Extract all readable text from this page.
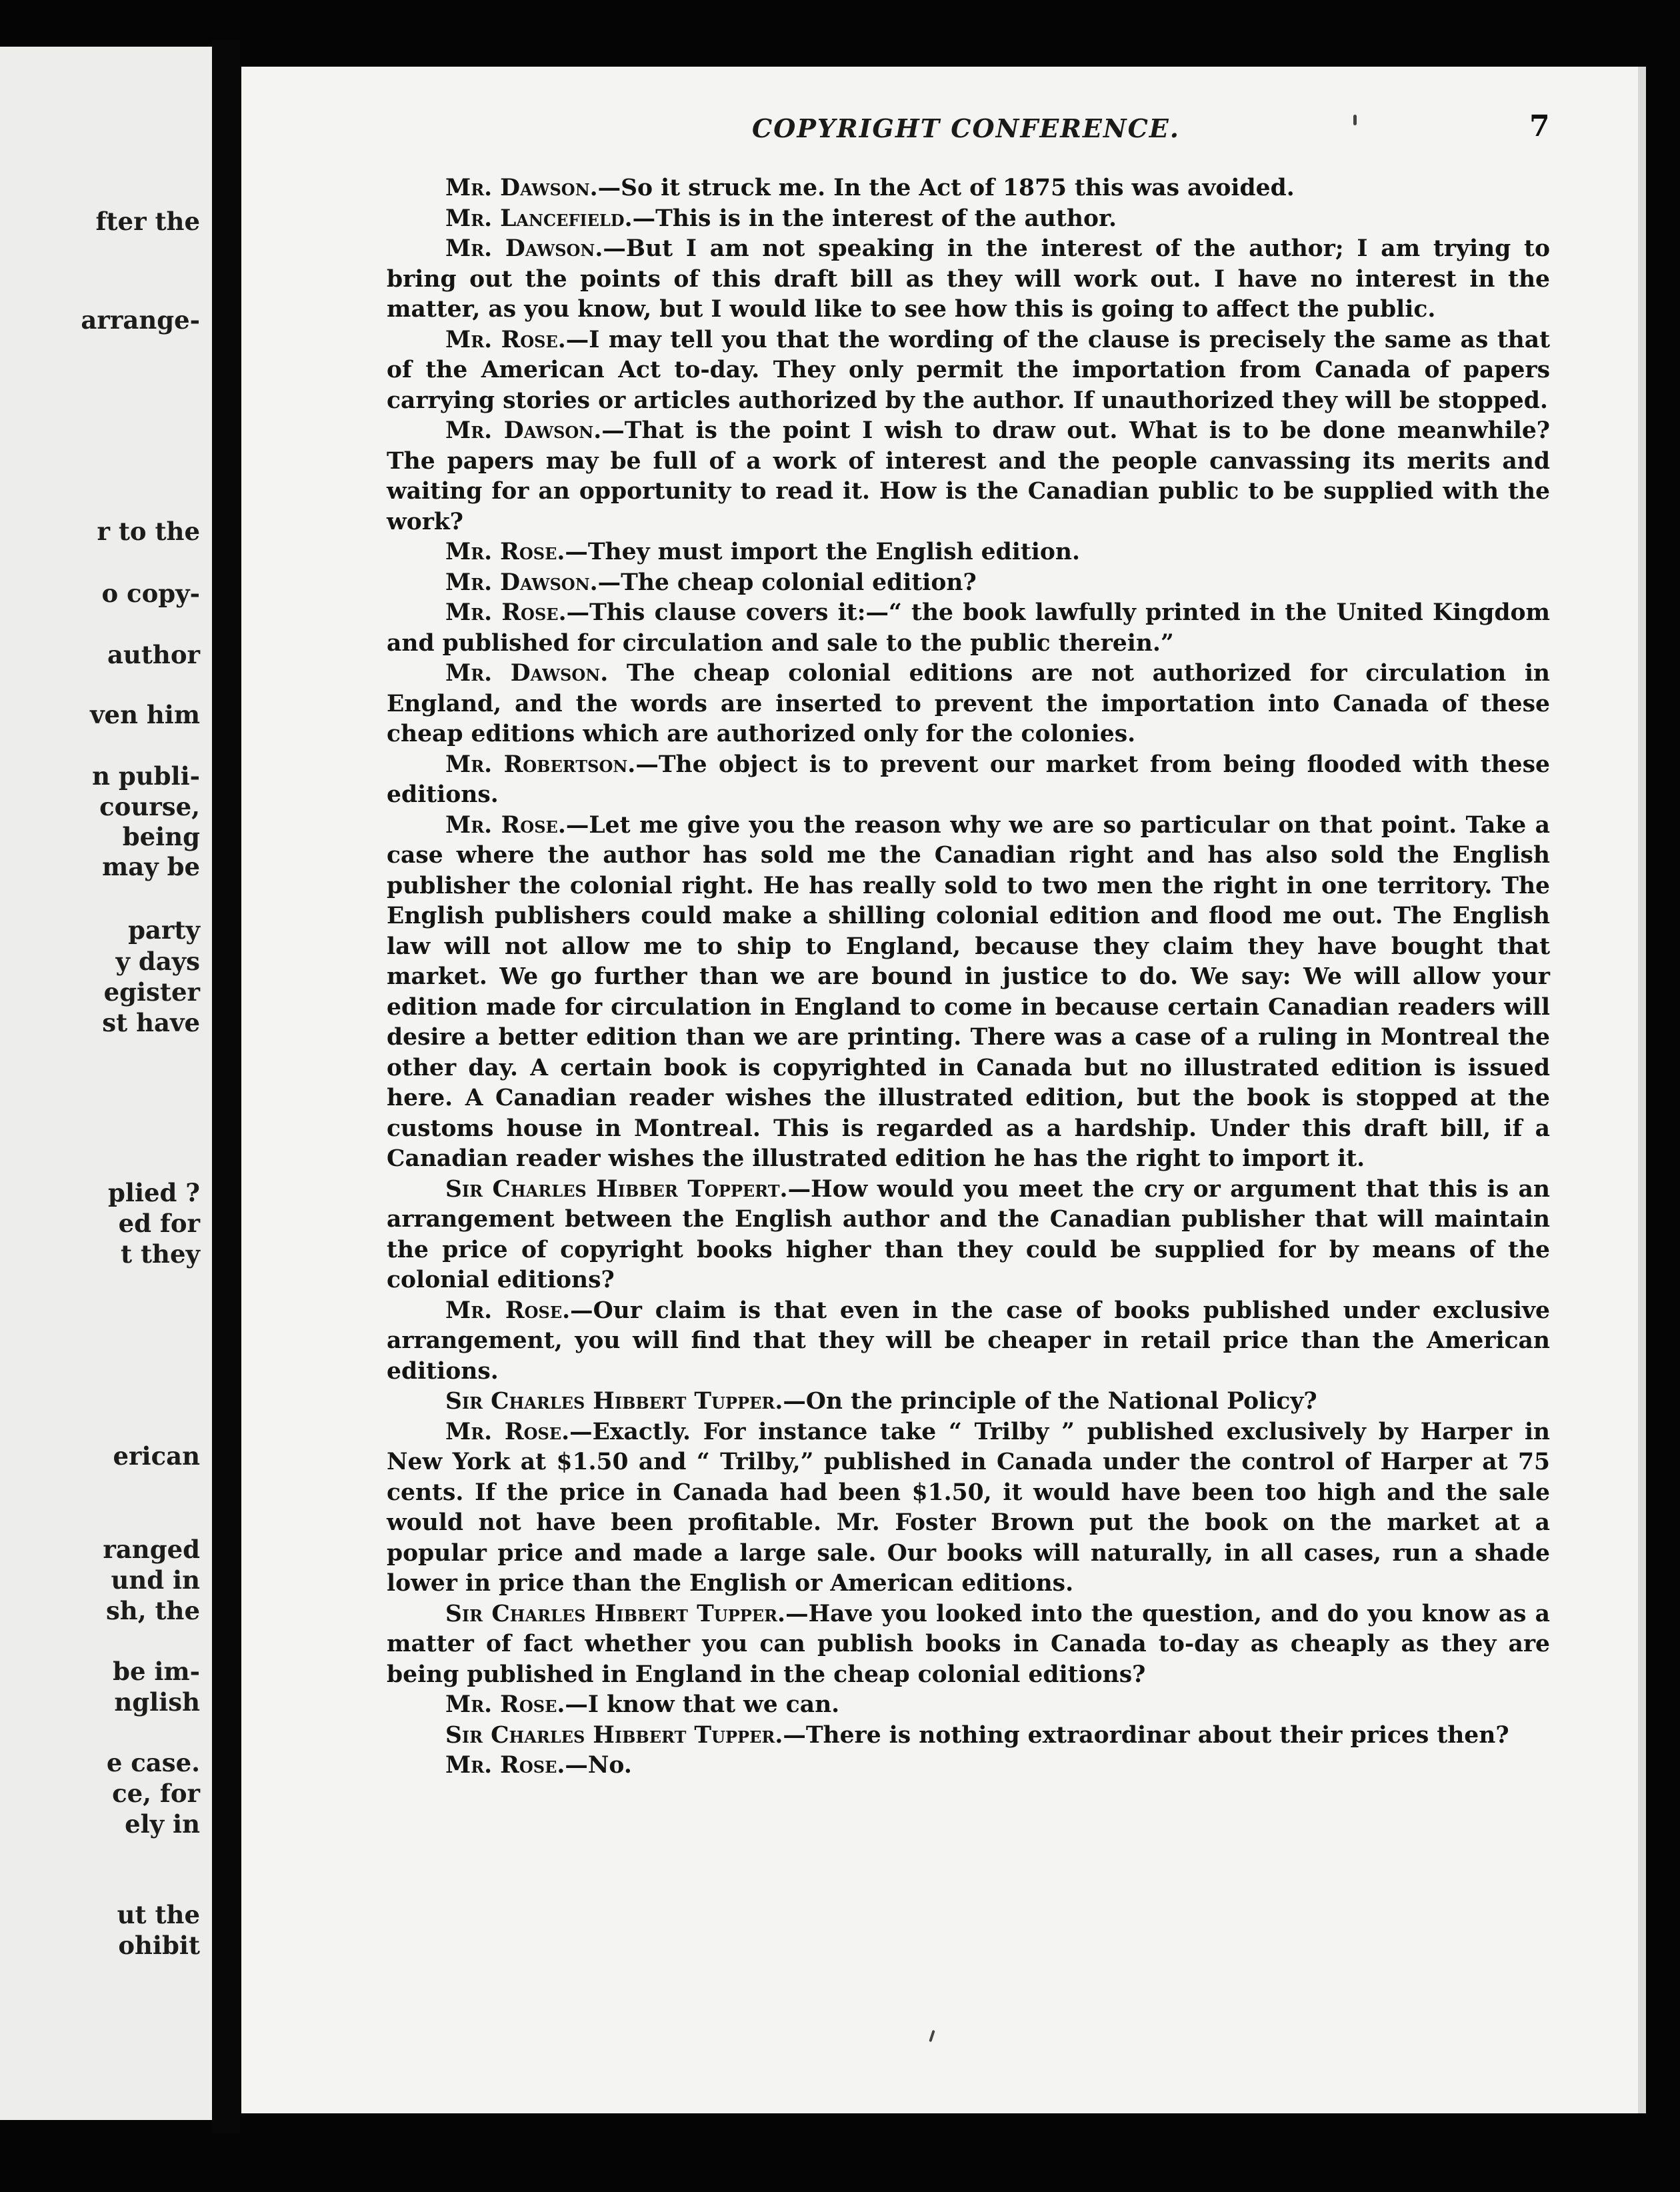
fter the
arrange-
r to the
o copy-
author
ven him
n publi-
course,
being
may be
party
y days
egister
st have
plied ?
ed for
t they
erican
ranged
und in
sh, the
be im-
nglish
e case.
ce, for
ely in
ut the
ohibit
COPYRIGHT CONFERENCE.	7

Mr. Dawson.—So it struck me. In the Act of 1875 this was avoided.

Mr. Lancefield.—This is in the interest of the author.

Mr. Dawson.—But I am not speaking in the interest of the author; I am trying to bring out the points of this draft bill as they will work out. I have no interest in the matter, as you know, but I would like to see how this is going to affect the public.

Mr. Rose.—I may tell you that the wording of the clause is precisely the same as that of the American Act to-day. They only permit the importation from Canada of papers carrying stories or articles authorized by the author. If unauthorized they will be stopped.

Mr. Dawson.—That is the point I wish to draw out. What is to be done meanwhile? The papers may be full of a work of interest and the people canvassing its merits and waiting for an opportunity to read it. How is the Canadian public to be supplied with the work?

Mr. Rose.—They must import the English edition.

Mr. Dawson.—The cheap colonial edition?

Mr. Rose.—This clause covers it:—“ the book lawfully printed in the United Kingdom and published for circulation and sale to the public therein.”

Mr. Dawson. The cheap colonial editions are not authorized for circulation in England, and the words are inserted to prevent the importation into Canada of these cheap editions which are authorized only for the colonies.

Mr. Robertson.—The object is to prevent our market from being flooded with these editions.

Mr. Rose.—Let me give you the reason why we are so particular on that point. Take a case where the author has sold me the Canadian right and has also sold the English publisher the colonial right. He has really sold to two men the right in one territory. The English publishers could make a shilling colonial edition and flood me out. The English law will not allow me to ship to England, because they claim they have bought that market. We go further than we are bound in justice to do. We say: We will allow your edition made for circulation in England to come in because certain Canadian readers will desire a better edition than we are printing. There was a case of a ruling in Montreal the other day. A certain book is copyrighted in Canada but no illustrated edition is issued here. A Canadian reader wishes the illustrated edition, but the book is stopped at the customs house in Montreal. This is regarded as a hardship. Under this draft bill, if a Canadian reader wishes the illustrated edition he has the right to import it.

Sir Charles Hibber Toppert.—How would you meet the cry or argument that this is an arrangement between the English author and the Canadian publisher that will maintain the price of copyright books higher than they could be supplied for by means of the colonial editions?

Mr. Rose.—Our claim is that even in the case of books published under exclusive arrangement, you will find that they will be cheaper in retail price than the American editions.

Sir Charles Hibbert Tupper.—On the principle of the National Policy?

Mr. Rose.—Exactly. For instance take “ Trilby ” published exclusively by Harper in New York at $1.50 and “ Trilby,” published in Canada under the control of Harper at 75 cents. If the price in Canada had been $1.50, it would have been too high and the sale would not have been profitable. Mr. Foster Brown put the book on the market at a popular price and made a large sale. Our books will naturally, in all cases, run a shade lower in price than the English or American editions.

Sir Charles Hibbert Tupper.—Have you looked into the question, and do you know as a matter of fact whether you can publish books in Canada to-day as cheaply as they are being published in England in the cheap colonial editions?

Mr. Rose.—I know that we can.

Sir Charles Hibbert Tupper.—There is nothing extraordinar about their prices then?

Mr. Rose.—No.
